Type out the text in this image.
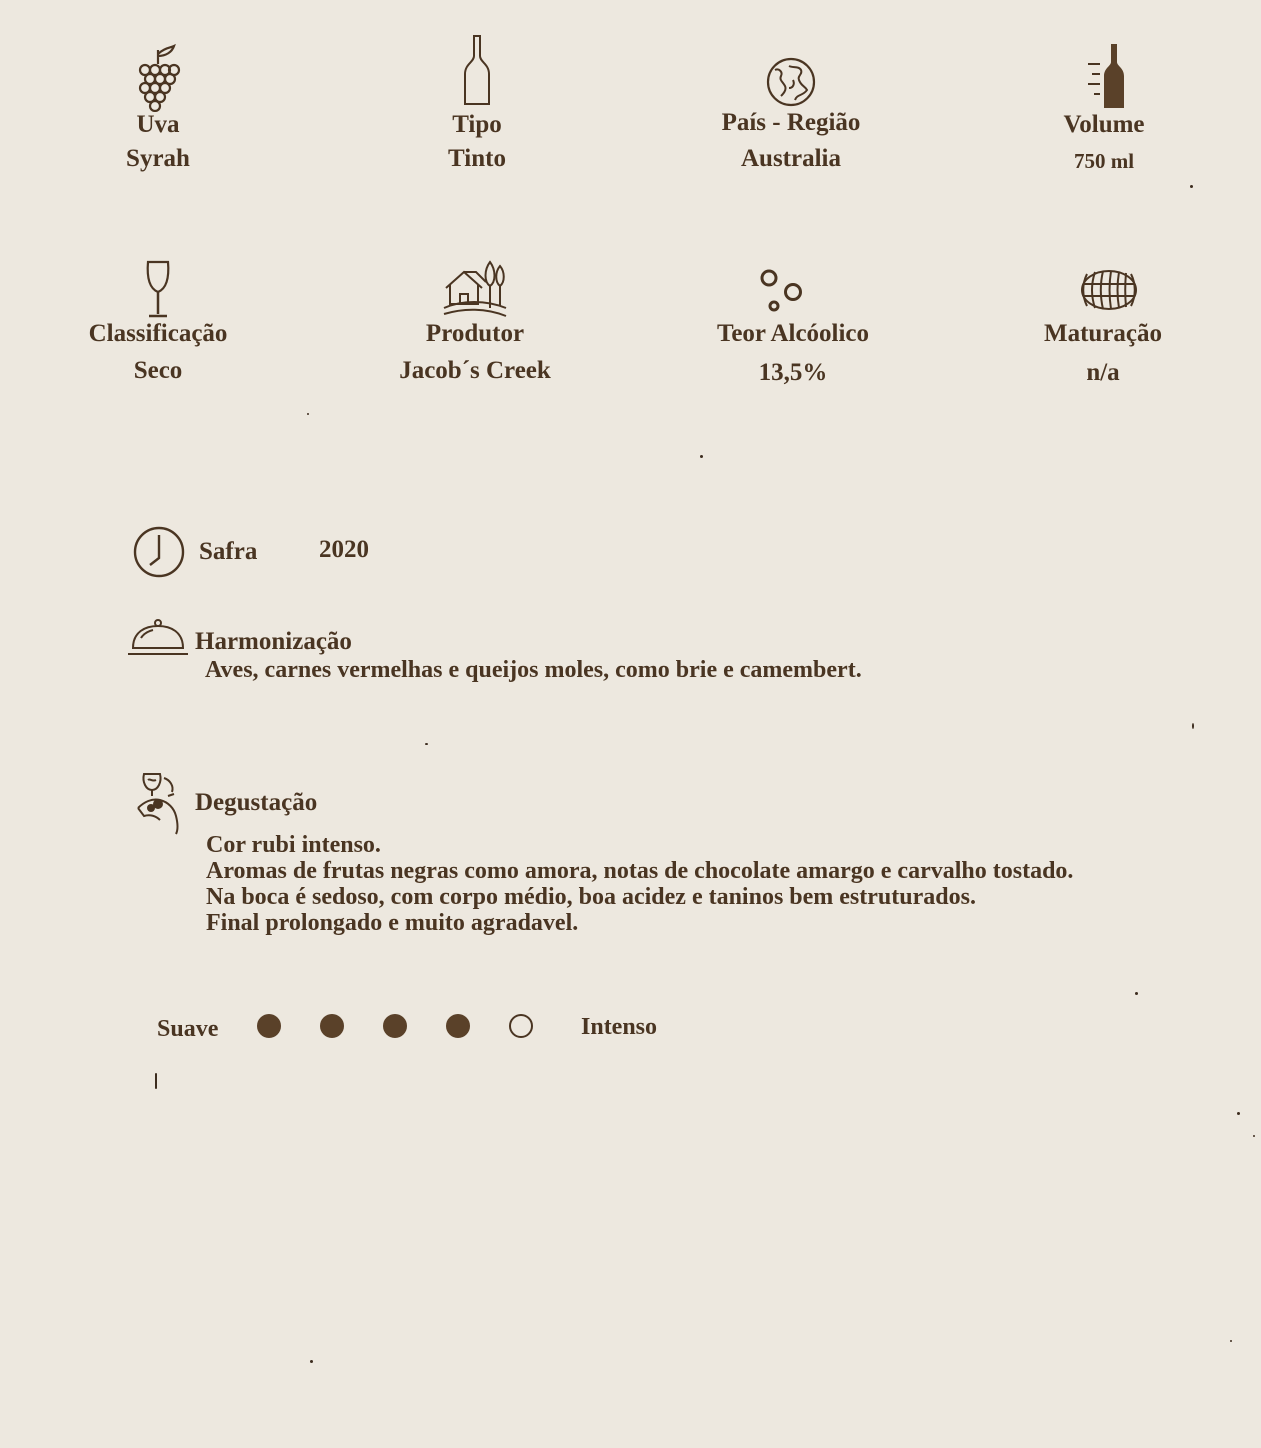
Uva
Syrah
Tipo
Tinto
País - Região
Australia
Volume
750 ml
Classificação
Seco
Produtor
Jacob´s Creek
Teor Alcóolico
13,5%
Maturação
n/a
Safra 2020
Harmonização
Aves, carnes vermelhas e queijos moles, como brie e camembert.
Degustação
Cor rubi intenso.
Aromas de frutas negras como amora, notas de chocolate amargo e carvalho tostado.
Na boca é sedoso, com corpo médio, boa acidez e taninos bem estruturados.
Final prolongado e muito agradavel.
Suave	Intenso
